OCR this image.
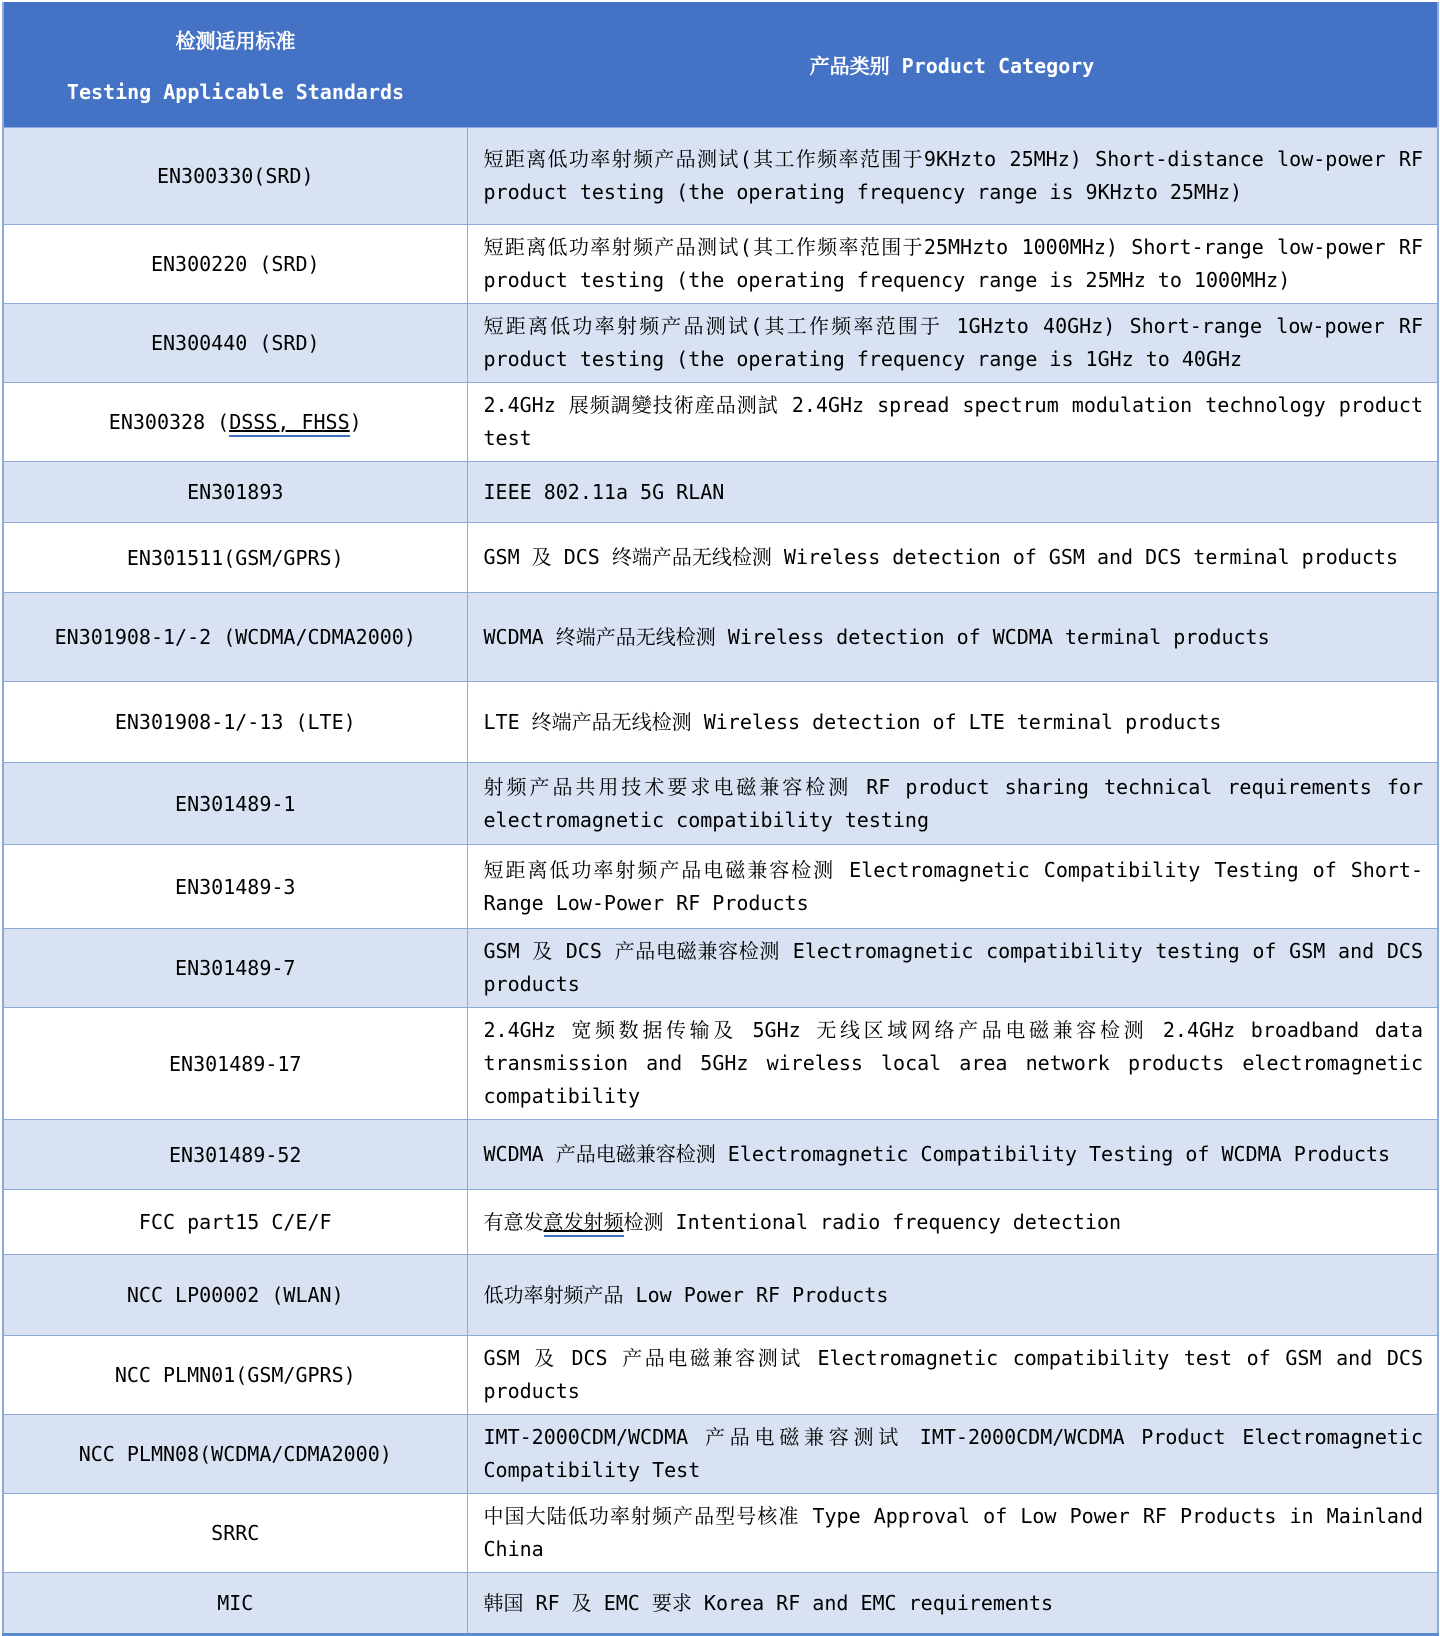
检测适用标准
Testing Applicable Standards	产品类别 Product Category

EN300330(SRD)	短距离低功率射频产品测试(其工作频率范围于9KHzto 25MHz) Short-distance low-power RF product testing (the operating frequency range is 9KHzto 25MHz)
EN300220 (SRD)	短距离低功率射频产品测试(其工作频率范围于25MHzto 1000MHz) Short-range low-power RF product testing (the operating frequency range is 25MHz to 1000MHz)
EN300440 (SRD)	短距离低功率射频产品测试(其工作频率范围于 1GHzto 40GHz) Short-range low-power RF product testing (the operating frequency range is 1GHz to 40GHz
EN300328 (DSSS, FHSS)	2.4GHz 展频調變技術産品测試 2.4GHz spread spectrum modulation technology product test
EN301893	IEEE 802.11a 5G RLAN
EN301511(GSM/GPRS)	GSM 及 DCS 终端产品无线检测 Wireless detection of GSM and DCS terminal products
EN301908-1/-2 (WCDMA/CDMA2000)	WCDMA 终端产品无线检测 Wireless detection of WCDMA terminal products
EN301908-1/-13 (LTE)	LTE 终端产品无线检测 Wireless detection of LTE terminal products
EN301489-1	射频产品共用技术要求电磁兼容检测 RF product sharing technical requirements for electromagnetic compatibility testing
EN301489-3	短距离低功率射频产品电磁兼容检测 Electromagnetic Compatibility Testing of Short-Range Low-Power RF Products
EN301489-7	GSM 及 DCS 产品电磁兼容检测 Electromagnetic compatibility testing of GSM and DCS products
EN301489-17	2.4GHz 宽频数据传输及 5GHz 无线区域网络产品电磁兼容检测 2.4GHz broadband data transmission and 5GHz wireless local area network products electromagnetic compatibility
EN301489-52	WCDMA 产品电磁兼容检测 Electromagnetic Compatibility Testing of WCDMA Products
FCC part15 C/E/F	有意发意发射频检测 Intentional radio frequency detection
NCC LP00002 (WLAN)	低功率射频产品 Low Power RF Products
NCC PLMN01(GSM/GPRS)	GSM 及 DCS 产品电磁兼容测试 Electromagnetic compatibility test of GSM and DCS products
NCC PLMN08(WCDMA/CDMA2000)	IMT-2000CDM/WCDMA 产品电磁兼容测试 IMT-2000CDM/WCDMA Product Electromagnetic Compatibility Test
SRRC	中国大陆低功率射频产品型号核准 Type Approval of Low Power RF Products in Mainland China
MIC	韩国 RF 及 EMC 要求 Korea RF and EMC requirements
